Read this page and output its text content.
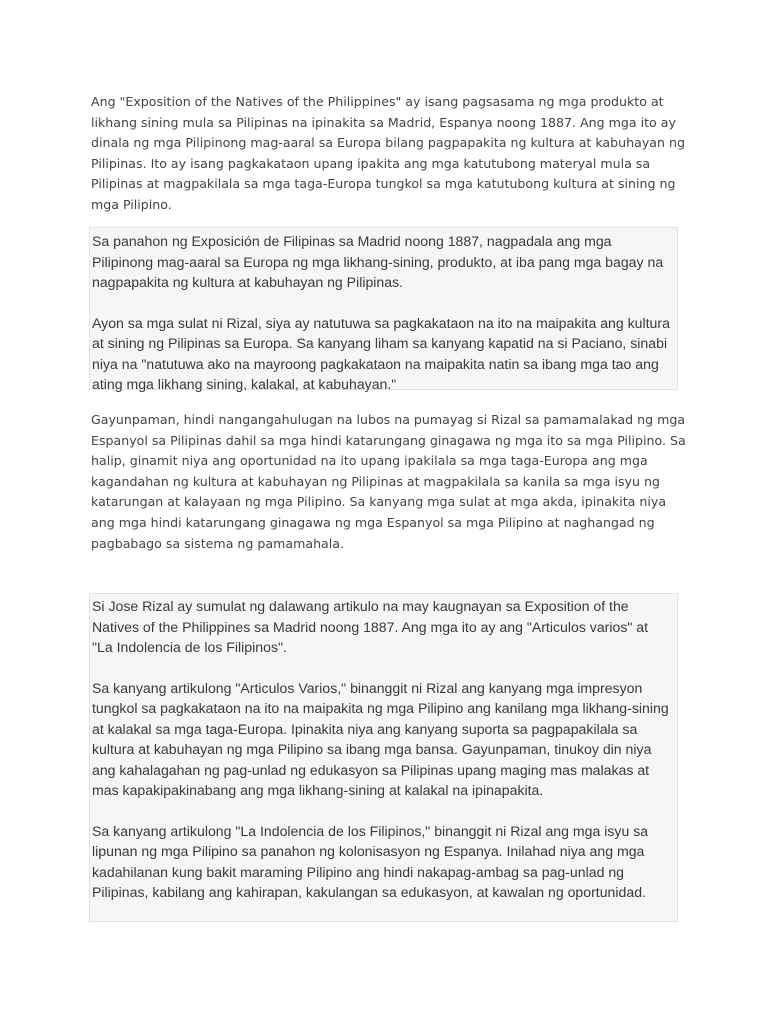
Ang "Exposition of the Natives of the Philippines" ay isang pagsasama ng mga produkto at likhang sining mula sa Pilipinas na ipinakita sa Madrid, Espanya noong 1887. Ang mga ito ay dinala ng mga Pilipinong mag-aaral sa Europa bilang pagpapakita ng kultura at kabuhayan ng Pilipinas. Ito ay isang pagkakataon upang ipakita ang mga katutubong materyal mula sa Pilipinas at magpakilala sa mga taga-Europa tungkol sa mga katutubong kultura at sining ng mga Pilipino.

Sa panahon ng Exposición de Filipinas sa Madrid noong 1887, nagpadala ang mga Pilipinong mag-aaral sa Europa ng mga likhang-sining, produkto, at iba pang mga bagay na nagpapakita ng kultura at kabuhayan ng Pilipinas.

Ayon sa mga sulat ni Rizal, siya ay natutuwa sa pagkakataon na ito na maipakita ang kultura at sining ng Pilipinas sa Europa. Sa kanyang liham sa kanyang kapatid na si Paciano, sinabi niya na "natutuwa ako na mayroong pagkakataon na maipakita natin sa ibang mga tao ang ating mga likhang sining, kalakal, at kabuhayan."

Gayunpaman, hindi nangangahulugan na lubos na pumayag si Rizal sa pamamalakad ng mga Espanyol sa Pilipinas dahil sa mga hindi katarungang ginagawa ng mga ito sa mga Pilipino. Sa halip, ginamit niya ang oportunidad na ito upang ipakilala sa mga taga-Europa ang mga kagandahan ng kultura at kabuhayan ng Pilipinas at magpakilala sa kanila sa mga isyu ng katarungan at kalayaan ng mga Pilipino. Sa kanyang mga sulat at mga akda, ipinakita niya ang mga hindi katarungang ginagawa ng mga Espanyol sa mga Pilipino at naghangad ng pagbabago sa sistema ng pamamahala.

Si Jose Rizal ay sumulat ng dalawang artikulo na may kaugnayan sa Exposition of the Natives of the Philippines sa Madrid noong 1887. Ang mga ito ay ang "Articulos varios" at "La Indolencia de los Filipinos".

Sa kanyang artikulong "Articulos Varios," binanggit ni Rizal ang kanyang mga impresyon tungkol sa pagkakataon na ito na maipakita ng mga Pilipino ang kanilang mga likhang-sining at kalakal sa mga taga-Europa. Ipinakita niya ang kanyang suporta sa pagpapakilala sa kultura at kabuhayan ng mga Pilipino sa ibang mga bansa. Gayunpaman, tinukoy din niya ang kahalagahan ng pag-unlad ng edukasyon sa Pilipinas upang maging mas malakas at mas kapakipakinabang ang mga likhang-sining at kalakal na ipinapakita.

Sa kanyang artikulong "La Indolencia de los Filipinos," binanggit ni Rizal ang mga isyu sa lipunan ng mga Pilipino sa panahon ng kolonisasyon ng Espanya. Inilahad niya ang mga kadahilanan kung bakit maraming Pilipino ang hindi nakapag-ambag sa pag-unlad ng Pilipinas, kabilang ang kahirapan, kakulangan sa edukasyon, at kawalan ng oportunidad.
